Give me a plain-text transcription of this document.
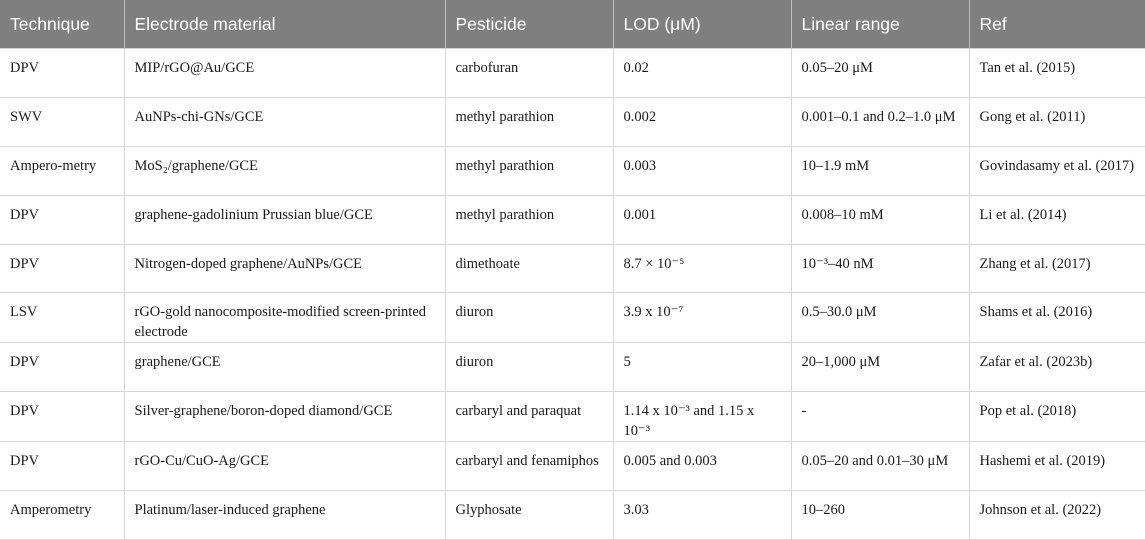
Technique	Electrode material	Pesticide	LOD (μM)	Linear range	Ref
DPV	MIP/rGO@Au/GCE	carbofuran	0.02	0.05–20 μM	Tan et al. (2015)
SWV	AuNPs-chi-GNs/GCE	methyl parathion	0.002	0.001–0.1 and 0.2–1.0 μM	Gong et al. (2011)
Ampero-metry	MoS₂/graphene/GCE	methyl parathion	0.003	10–1.9 mM	Govindasamy et al. (2017)
DPV	graphene-gadolinium Prussian blue/GCE	methyl parathion	0.001	0.008–10 mM	Li et al. (2014)
DPV	Nitrogen-doped graphene/AuNPs/GCE	dimethoate	8.7 × 10⁻⁵	10⁻³–40 nM	Zhang et al. (2017)
LSV	rGO-gold nanocomposite-modified screen-printed electrode	diuron	3.9 x 10⁻⁷	0.5–30.0 μM	Shams et al. (2016)
DPV	graphene/GCE	diuron	5	20–1,000 μM	Zafar et al. (2023b)
DPV	Silver-graphene/boron-doped diamond/GCE	carbaryl and paraquat	1.14 x 10⁻³ and 1.15 x 10⁻³	-	Pop et al. (2018)
DPV	rGO-Cu/CuO-Ag/GCE	carbaryl and fenamiphos	0.005 and 0.003	0.05–20 and 0.01–30 μM	Hashemi et al. (2019)
Amperometry	Platinum/laser-induced graphene	Glyphosate	3.03	10–260	Johnson et al. (2022)
